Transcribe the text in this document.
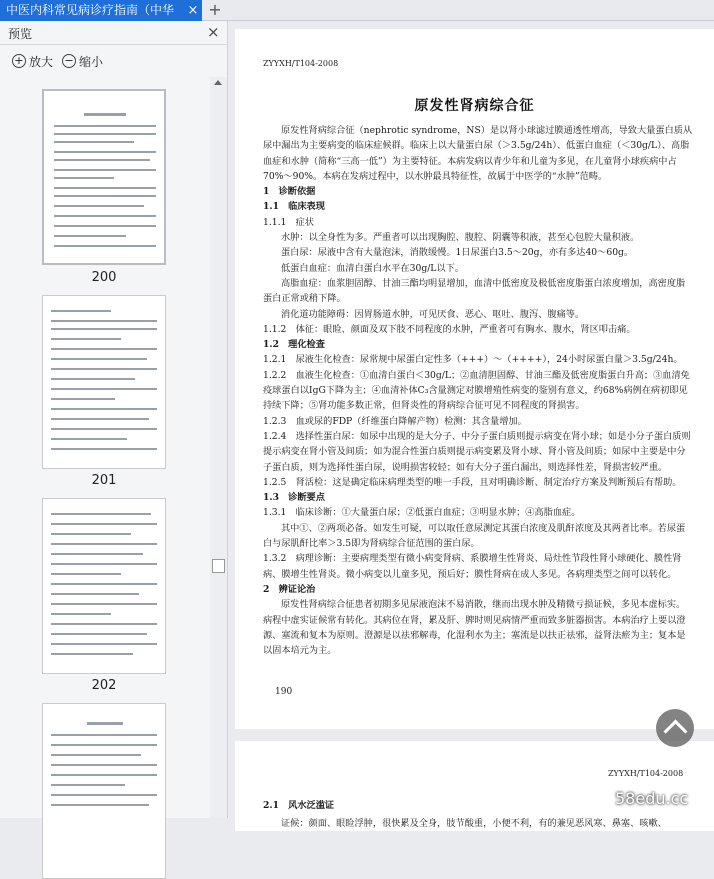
中医内科常见病诊疗指南（中华	× +
预览	×
+ 放大 − 缩小
200
201
202
ZYYXH/T104-2008
原发性肾病综合征

原发性肾病综合征（nephrotic syndrome，NS）是以肾小球滤过膜通透性增高，导致大量蛋白质从尿中漏出为主要病变的临床症候群。临床上以大量蛋白尿（＞3.5g/24h）、低蛋白血症（＜30g/L）、高脂血症和水肿（简称“三高一低”）为主要特征。本病发病以青少年和儿童为多见，在儿童肾小球疾病中占70%～90%。本病在发病过程中，以水肿最具特征性，故属于中医学的“水肿”范畴。

1　诊断依据

1.1　临床表现

1.1.1　症状

水肿：以全身性为多。严重者可以出现胸腔、腹腔、阴囊等积液，甚至心包腔大量积液。

蛋白尿：尿液中含有大量泡沫，消散缓慢。1日尿蛋白3.5～20g，亦有多达40～60g。

低蛋白血症：血清白蛋白水平在30g/L以下。

高脂血症：血浆胆固醇、甘油三酯均明显增加，血清中低密度及极低密度脂蛋白浓度增加，高密度脂蛋白正常或稍下降。

消化道功能障碍：因胃肠道水肿，可见厌食、恶心、呕吐、腹泻、腹痛等。

1.1.2　体征：眼睑、颜面及双下肢不同程度的水肿，严重者可有胸水、腹水，肾区叩击痛。

1.2　理化检查

1.2.1　尿液生化检查：尿常规中尿蛋白定性多（+++）～（++++），24小时尿蛋白量＞3.5g/24h。

1.2.2　血液生化检查：①血清白蛋白＜30g/L；②血清胆固醇、甘油三酯及低密度脂蛋白升高；③血清免疫球蛋白以IgG下降为主；④血清补体C₃含量测定对膜增殖性病变的鉴别有意义，约68%病例在病初即见持续下降；⑤肾功能多数正常，但肾炎性的肾病综合征可见不同程度的肾损害。

1.2.3　血或尿的FDP（纤维蛋白降解产物）检测：其含量增加。

1.2.4　选择性蛋白尿：如尿中出现的是大分子、中分子蛋白质则提示病变在肾小球；如是小分子蛋白质则提示病变在肾小管及间质；如为混合性蛋白质则提示病变累及肾小球、肾小管及间质；如尿中主要是中分子蛋白质，则为选择性蛋白尿，说明损害较轻；如有大分子蛋白漏出，则选择性差，肾损害较严重。

1.2.5　肾活检：这是确定临床病理类型的唯一手段，且对明确诊断、制定治疗方案及判断预后有帮助。

1.3　诊断要点

1.3.1　临床诊断：①大量蛋白尿；②低蛋白血症；③明显水肿；④高脂血症。

其中①、②两项必备。如发生可疑，可以取任意尿测定其蛋白浓度及肌酐浓度及其两者比率。若尿蛋白与尿肌酐比率＞3.5即为肾病综合征范围的蛋白尿。

1.3.2　病理诊断：主要病理类型有微小病变肾病、系膜增生性肾炎、局灶性节段性肾小球硬化、膜性肾病、膜增生性肾炎。微小病变以儿童多见，预后好；膜性肾病在成人多见。各病理类型之间可以转化。

2　辨证论治

原发性肾病综合征患者初期多见尿液泡沫不易消散，继而出现水肿及精微亏损证候，多见本虚标实。病程中虚实证候常有转化。其病位在肾，累及肝、脾时则见病情严重而致多脏器损害。本病治疗上要以澄源、塞流和复本为原则。澄源是以祛邪解毒，化湿利水为主；塞流是以扶正祛邪，益肾法瘀为主；复本是以固本培元为主。

190
ZYYXH/T104-2008
2.1　风水泛滥证
证候：颜面、眼睑浮肿，很快累及全身，肢节酸重，小便不利，有的兼见恶风寒、鼻塞、咳嗽、
58edu.cc
